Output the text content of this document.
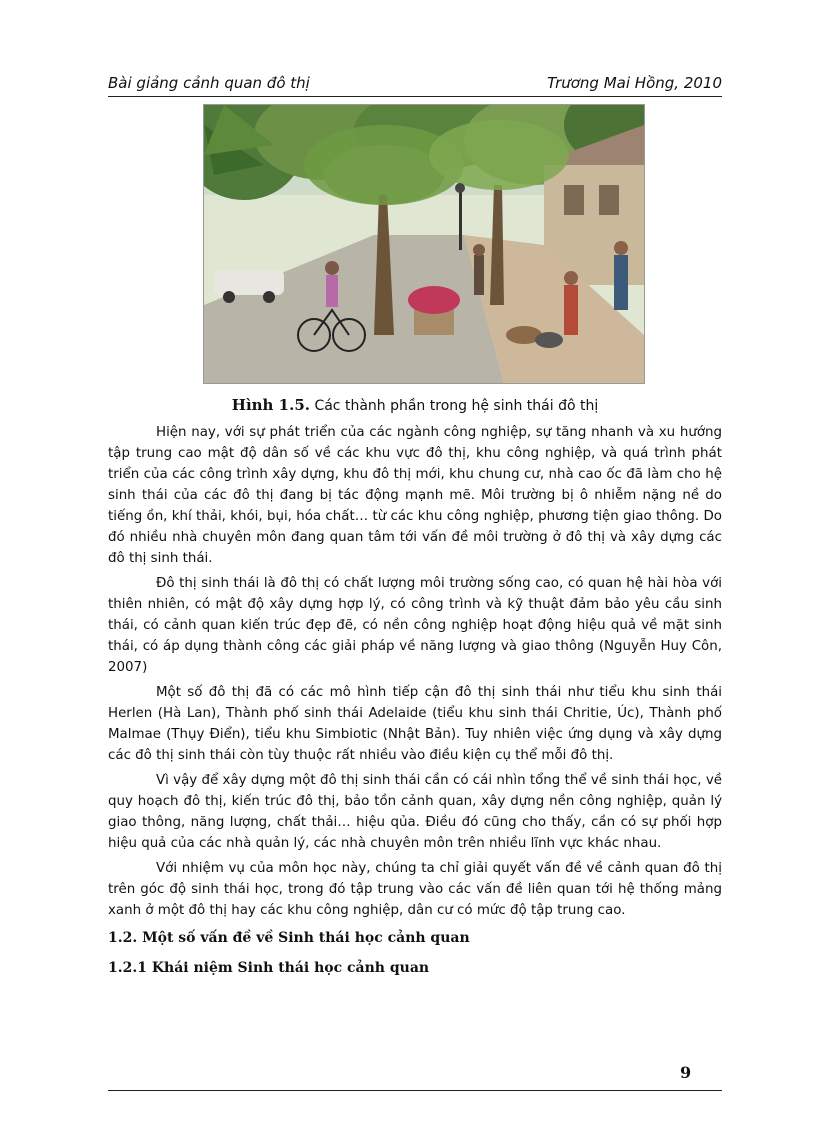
Bài giảng cảnh quan đô thị	Trương Mai Hồng, 2010
Hình 1.5. Các thành phần trong hệ sinh thái đô thị

Hiện nay, với sự phát triển của các ngành công nghiệp, sự tăng nhanh và xu hướng tập trung cao mật độ dân số về các khu vực đô thị, khu công nghiệp, và quá trình phát triển của các công trình xây dựng, khu đô thị mới, khu chung cư, nhà cao ốc đã làm cho hệ sinh thái của các đô thị đang bị tác động mạnh mẽ. Môi trường bị ô nhiễm nặng nề do tiếng ồn, khí thải, khói, bụi, hóa chất… từ các khu công nghiệp, phương tiện giao thông. Do đó nhiều nhà chuyên môn đang quan tâm tới vấn đề môi trường ở đô thị và xây dựng các đô thị sinh thái.

Đô thị sinh thái là đô thị có chất lượng môi trường sống cao, có quan hệ hài hòa với thiên nhiên, có mật độ xây dựng hợp lý, có công trình và kỹ thuật đảm bảo yêu cầu sinh thái, có cảnh quan kiến trúc đẹp đẽ, có nền công nghiệp hoạt động hiệu quả về mặt sinh thái, có áp dụng thành công các giải pháp về năng lượng và giao thông (Nguyễn Huy Côn, 2007)

Một số đô thị đã có các mô hình tiếp cận đô thị sinh thái như tiểu khu sinh thái Herlen (Hà Lan), Thành phố sinh thái Adelaide (tiểu khu sinh thái Chritie, Úc), Thành phố Malmae (Thụy Điển), tiểu khu Simbiotic (Nhật Bản). Tuy nhiên việc ứng dụng và xây dựng các đô thị sinh thái còn tùy thuộc rất nhiều vào điều kiện cụ thể mỗi đô thị.

Vì vậy để xây dựng một đô thị sinh thái cần có cái nhìn tổng thể về sinh thái học, về quy hoạch đô thị, kiến trúc đô thị, bảo tồn cảnh quan, xây dựng nền công nghiệp, quản lý giao thông, năng lượng, chất thải… hiệu qủa. Điều đó cũng cho thấy, cần có sự phối hợp hiệu quả của các nhà quản lý, các nhà chuyên môn trên nhiều lĩnh vực khác nhau.

Với nhiệm vụ của môn học này, chúng ta chỉ giải quyết vấn đề về cảnh quan đô thị trên góc độ sinh thái học, trong đó tập trung vào các vấn đề liên quan tới hệ thống mảng xanh ở một đô thị hay các khu công nghiệp, dân cư có mức độ tập trung cao.

1.2. Một số vấn đề về Sinh thái học cảnh quan
1.2.1 Khái niệm Sinh thái học cảnh quan
9
